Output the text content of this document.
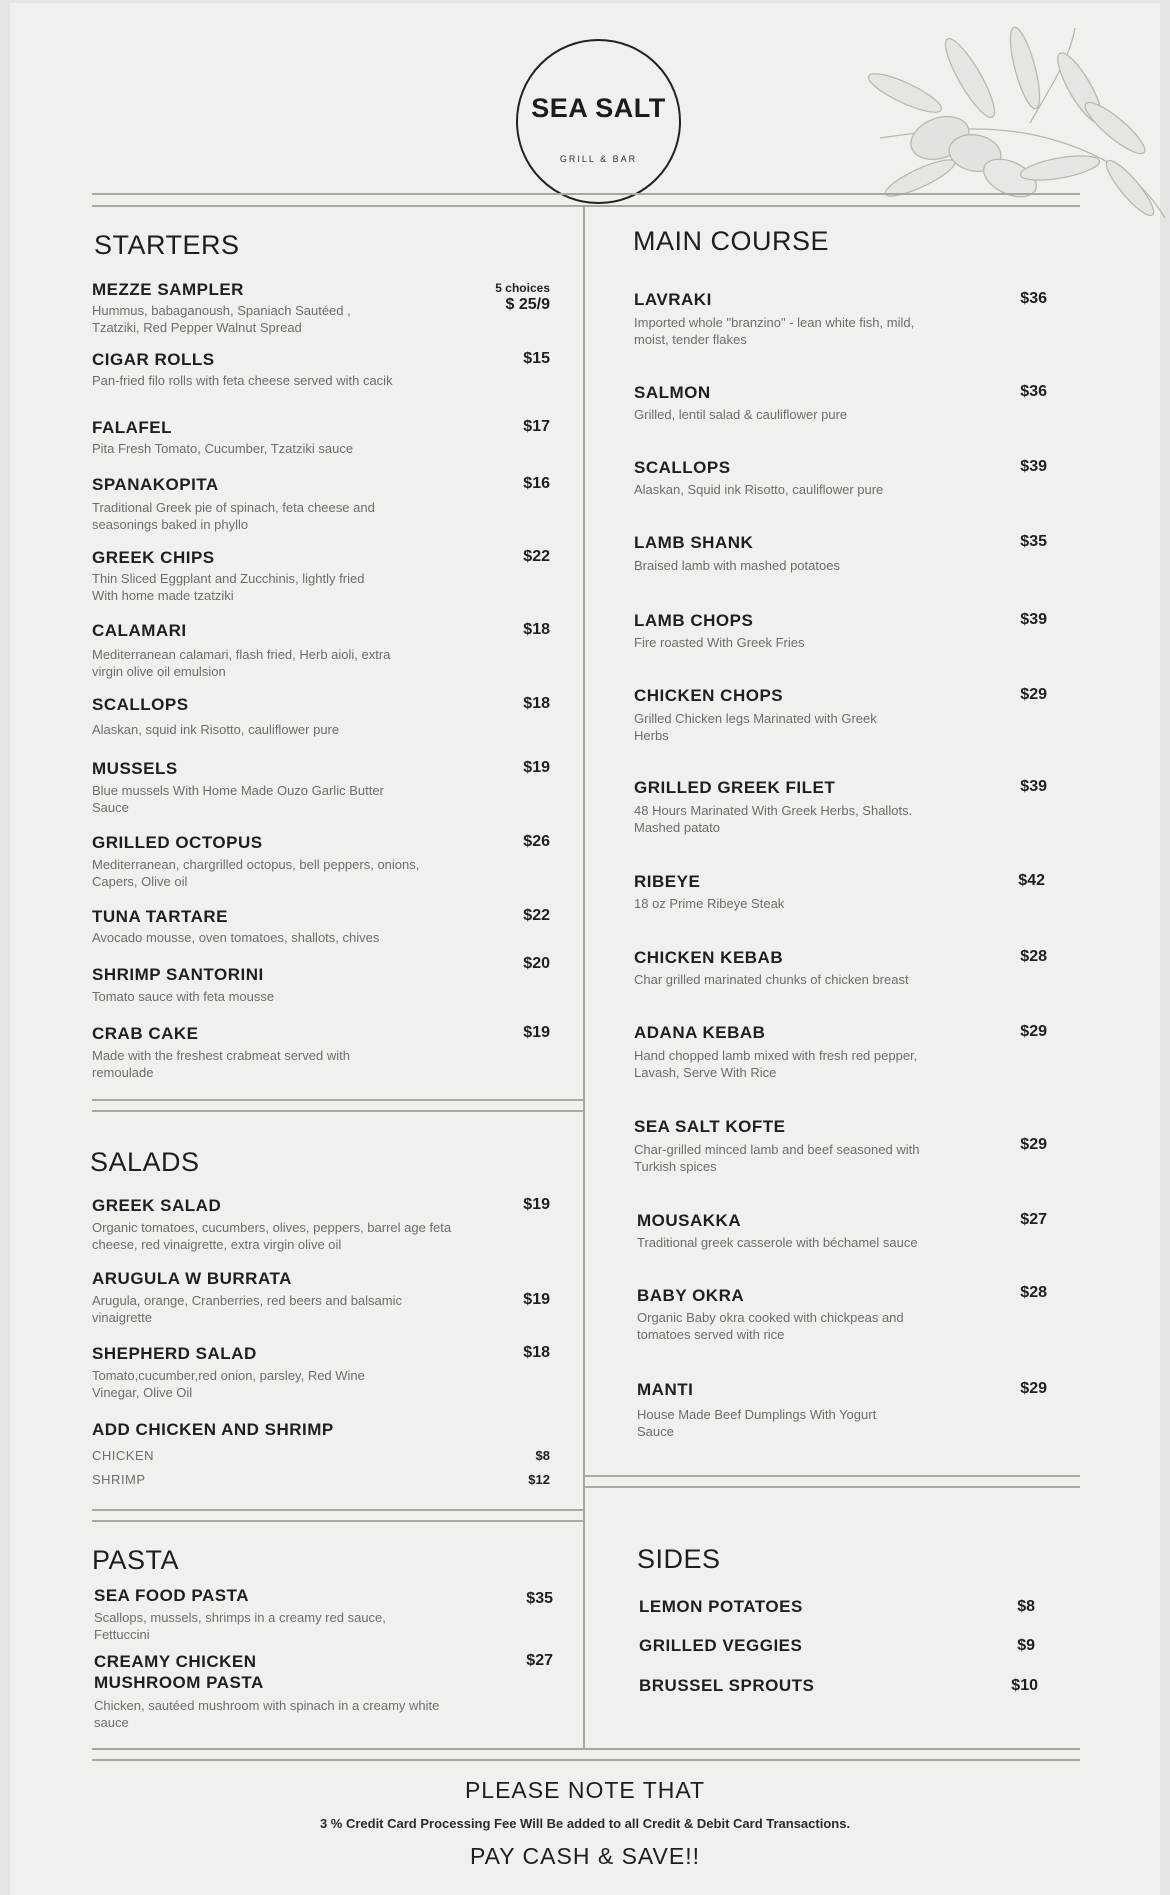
SEA SALT
GRILL & BAR
STARTERS
MEZZE SAMPLER	5 choices
$ 25/9
Hummus, babaganoush, Spaniach Sautéed , Tzatziki, Red Pepper Walnut Spread
CIGAR ROLLS	$15
Pan-fried filo rolls with feta cheese served with cacik
FALAFEL	$17
Pita Fresh Tomato, Cucumber, Tzatziki sauce
SPANAKOPITA	$16
Traditional Greek pie of spinach, feta cheese and seasonings baked in phyllo
GREEK CHIPS	$22
Thin Sliced Eggplant and Zucchinis, lightly fried With home made tzatziki
CALAMARI	$18
Mediterranean calamari, flash fried, Herb aioli, extra virgin olive oil emulsion
SCALLOPS	$18
Alaskan, squid ink Risotto, cauliflower pure
MUSSELS	$19
Blue mussels With Home Made Ouzo Garlic Butter Sauce
GRILLED OCTOPUS	$26
Mediterranean, chargrilled octopus, bell peppers, onions, Capers, Olive oil
TUNA TARTARE	$22
Avocado mousse, oven tomatoes, shallots, chives
SHRIMP SANTORINI
$20
Tomato sauce with feta mousse
CRAB CAKE	$19
Made with the freshest crabmeat served with remoulade
SALADS
GREEK SALAD	$19
Organic tomatoes, cucumbers, olives, peppers, barrel age feta cheese, red vinaigrette, extra virgin olive oil
ARUGULA W BURRATA
$19
Arugula, orange, Cranberries, red beers and balsamic vinaigrette
SHEPHERD SALAD	$18
Tomato,cucumber,red onion, parsley, Red Wine Vinegar, Olive Oil
ADD CHICKEN AND SHRIMP
CHICKEN	$8
SHRIMP	$12
PASTA
SEA FOOD PASTA	$35
Scallops, mussels, shrimps in a creamy red sauce, Fettuccini
CREAMY CHICKEN
MUSHROOM PASTA
$27
Chicken, sautéed mushroom with spinach in a creamy white sauce
MAIN COURSE
LAVRAKI	$36
Imported whole "branzino" - lean white fish, mild, moist, tender flakes
SALMON	$36
Grilled, lentil salad & cauliflower pure
SCALLOPS	$39
Alaskan, Squid ink Risotto, cauliflower pure
LAMB SHANK	$35
Braised lamb with mashed potatoes
LAMB CHOPS	$39
Fire roasted With Greek Fries
CHICKEN CHOPS	$29
Grilled Chicken legs Marinated with Greek Herbs
GRILLED GREEK FILET	$39
48 Hours Marinated With Greek Herbs, Shallots. Mashed patato
RIBEYE	$42
18 oz Prime Ribeye Steak
CHICKEN KEBAB	$28
Char grilled marinated chunks of chicken breast
ADANA KEBAB	$29
Hand chopped lamb mixed with fresh red pepper, Lavash, Serve With Rice
SEA SALT KOFTE
$29
Char-grilled minced lamb and beef seasoned with Turkish spices
MOUSAKKA	$27
Traditional greek casserole with béchamel sauce
BABY OKRA	$28
Organic Baby okra cooked with chickpeas and tomatoes served with rice
MANTI	$29
House Made Beef Dumplings With Yogurt Sauce
SIDES
LEMON POTATOES	$8
GRILLED VEGGIES	$9
BRUSSEL SPROUTS	$10
PLEASE NOTE THAT
3 % Credit Card Processing Fee Will Be added to all Credit & Debit Card Transactions.
PAY CASH & SAVE!!
